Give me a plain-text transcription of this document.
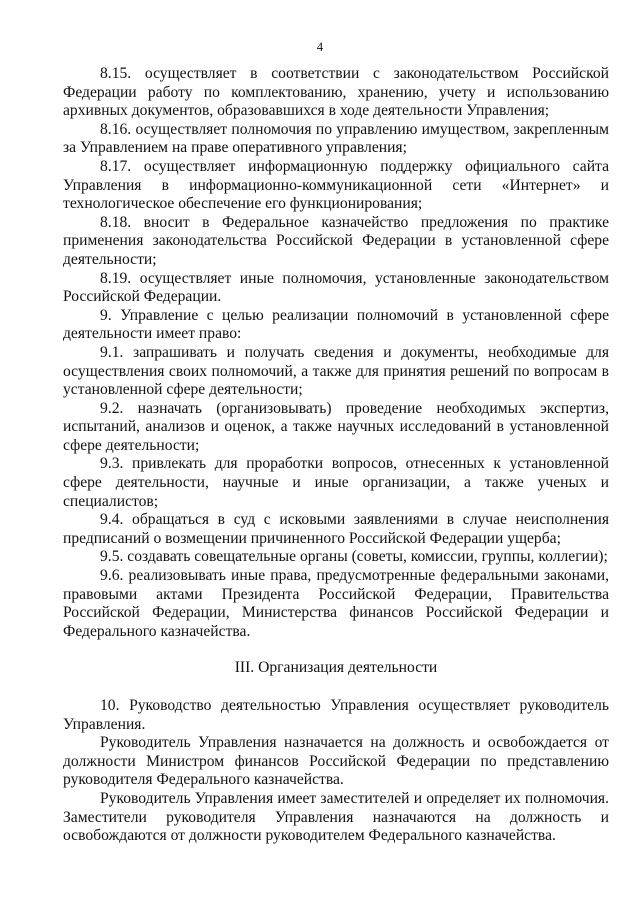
4

8.15. осуществляет в соответствии с законодательством Российской Федерации работу по комплектованию, хранению, учету и использованию архивных документов, образовавшихся в ходе деятельности Управления;

8.16. осуществляет полномочия по управлению имуществом, закрепленным за Управлением на праве оперативного управления;

8.17. осуществляет информационную поддержку официального сайта Управления в информационно-коммуникационной сети «Интернет» и технологическое обеспечение его функционирования;

8.18. вносит в Федеральное казначейство предложения по практике применения законодательства Российской Федерации в установленной сфере деятельности;

8.19. осуществляет иные полномочия, установленные законодательством Российской Федерации.

9. Управление с целью реализации полномочий в установленной сфере деятельности имеет право:

9.1. запрашивать и получать сведения и документы, необходимые для осуществления своих полномочий, а также для принятия решений по вопросам в установленной сфере деятельности;

9.2. назначать (организовывать) проведение необходимых экспертиз, испытаний, анализов и оценок, а также научных исследований в установленной сфере деятельности;

9.3. привлекать для проработки вопросов, отнесенных к установленной сфере деятельности, научные и иные организации, а также ученых и специалистов;

9.4. обращаться в суд с исковыми заявлениями в случае неисполнения предписаний о возмещении причиненного Российской Федерации ущерба;

9.5. создавать совещательные органы (советы, комиссии, группы, коллегии);

9.6. реализовывать иные права, предусмотренные федеральными законами, правовыми актами Президента Российской Федерации, Правительства Российской Федерации, Министерства финансов Российской Федерации и Федерального казначейства.

III. Организация деятельности

10. Руководство деятельностью Управления осуществляет руководитель Управления.

Руководитель Управления назначается на должность и освобождается от должности Министром финансов Российской Федерации по представлению руководителя Федерального казначейства.

Руководитель Управления имеет заместителей и определяет их полномочия. Заместители руководителя Управления назначаются на должность и освобождаются от должности руководителем Федерального казначейства.
